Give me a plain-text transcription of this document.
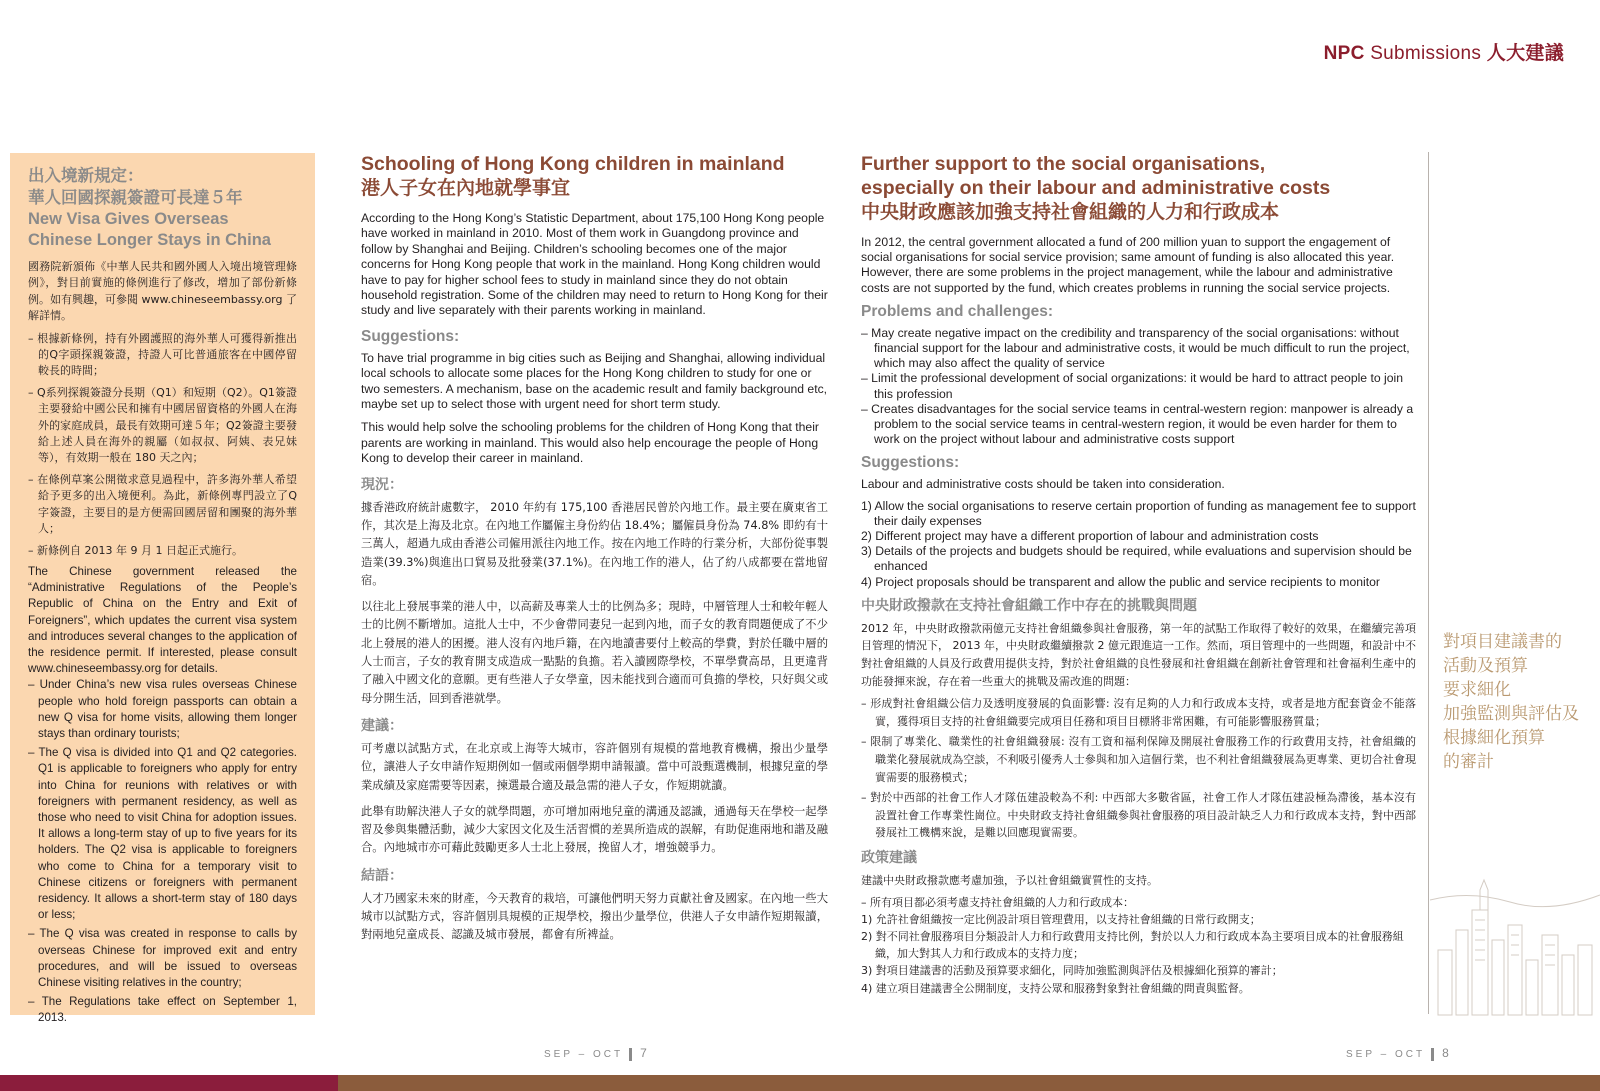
NPC Submissions 人大建議
出入境新規定：
華人回國探親簽證可長達５年
New Visa Gives Overseas
Chinese Longer Stays in China
國務院新頒佈《中華人民共和國外國人入境出境管理條例》，對目前實施的條例進行了修改，增加了部份新條例。如有興趣，可參閱 www.chineseembassy.org 了解詳情。
– 根據新條例，持有外國護照的海外華人可獲得新推出的Q字頭探親簽證，持證人可比普通旅客在中國停留較長的時間；
– Q系列探親簽證分長期（Q1）和短期（Q2）。Q1簽證主要發給中國公民和擁有中國居留資格的外國人在海外的家庭成員，最長有效期可達５年；Q2簽證主要發給上述人員在海外的親屬（如叔叔、阿姨、表兄妹等），有效期一般在 180 天之內；
– 在條例草案公開徵求意見過程中，許多海外華人希望給予更多的出入境便利。為此，新條例專門設立了Q字簽證，主要目的是方便需回國居留和團聚的海外華人；
– 新條例自 2013 年 9 月 1 日起正式施行。
The Chinese government released the “Administrative Regulations of the People’s Republic of China on the Entry and Exit of Foreigners”, which updates the current visa system and introduces several changes to the application of the residence permit. If interested, please consult www.chineseembassy.org for details.
– Under China’s new visa rules overseas Chinese people who hold foreign passports can obtain a new Q visa for home visits, allowing them longer stays than ordinary tourists;
– The Q visa is divided into Q1 and Q2 categories. Q1 is applicable to foreigners who apply for entry into China for reunions with relatives or with foreigners with permanent residency, as well as those who need to visit China for adoption issues. It allows a long-term stay of up to five years for its holders. The Q2 visa is applicable to foreigners who come to China for a temporary visit to Chinese citizens or foreigners with permanent residency. It allows a short-term stay of 180 days or less;
– The Q visa was created in response to calls by overseas Chinese for improved exit and entry procedures, and will be issued to overseas Chinese visiting relatives in the country;
– The Regulations take effect on September 1, 2013.
Schooling of Hong Kong children in mainland
港人子女在內地就學事宜

According to the Hong Kong’s Statistic Department, about 175,100 Hong Kong people have worked in mainland in 2010. Most of them work in Guangdong province and follow by Shanghai and Beijing. Children’s schooling becomes one of the major concerns for Hong Kong people that work in the mainland. Hong Kong children would have to pay for higher school fees to study in mainland since they do not obtain household registration. Some of the children may need to return to Hong Kong for their study and live separately with their parents working in mainland.

Suggestions:

To have trial programme in big cities such as Beijing and Shanghai, allowing individual local schools to allocate some places for the Hong Kong children to study for one or two semesters. A mechanism, base on the academic result and family background etc, maybe set up to select those with urgent need for short term study.

This would help solve the schooling problems for the children of Hong Kong that their parents are working in mainland. This would also help encourage the people of Hong Kong to develop their career in mainland.

現況：

據香港政府統計處數字， 2010 年約有 175,100 香港居民曾於內地工作。最主要在廣東省工作，其次是上海及北京。在內地工作屬僱主身份約佔 18.4%；屬僱員身份為 74.8% 即約有十三萬人，超過九成由香港公司僱用派往內地工作。按在內地工作時的行業分析，大部份從事製造業(39.3%)與進出口貿易及批發業(37.1%)。在內地工作的港人，佔了約八成都要在當地留宿。

以往北上發展事業的港人中，以高薪及專業人士的比例為多；現時，中層管理人士和較年輕人士的比例不斷增加。這批人士中，不少會帶同妻兒一起到內地，而子女的教育問題便成了不少北上發展的港人的困擾。港人沒有內地戶籍，在內地讀書要付上較高的學費，對於任職中層的人士而言，子女的教育開支成造成一點點的負擔。若入讀國際學校，不單學費高昂，且更違背了融入中國文化的意願。更有些港人子女學童，因未能找到合適而可負擔的學校，只好與父或母分開生活，回到香港就學。

建議：

可考慮以試點方式，在北京或上海等大城市，容許個別有規模的當地教育機構，撥出少量學位，讓港人子女申請作短期例如一個或兩個學期申請報讀。當中可設甄選機制，根據兒童的學業成績及家庭需要等因素，揀選最合適及最急需的港人子女，作短期就讀。

此舉有助解決港人子女的就學問題，亦可增加兩地兒童的溝通及認識，通過每天在學校一起學習及參與集體活動，減少大家因文化及生活習慣的差異所造成的誤解，有助促進兩地和諧及融合。內地城市亦可藉此鼓勵更多人士北上發展，挽留人才，增強競爭力。

結語：

人才乃國家未來的財產，今天教育的栽培，可讓他們明天努力貢獻社會及國家。在內地一些大城市以試點方式，容許個別具規模的正規學校，撥出少量學位，供港人子女申請作短期報讀，對兩地兒童成長、認識及城市發展，都會有所裨益。

Further support to the social organisations,
especially on their labour and administrative costs
中央財政應該加強支持社會組織的人力和行政成本

In 2012, the central government allocated a fund of 200 million yuan to support the engagement of social organisations for social service provision; same amount of funding is also allocated this year. However, there are some problems in the project management, while the labour and administrative costs are not supported by the fund, which creates problems in running the social service projects.

Problems and challenges:
– May create negative impact on the credibility and transparency of the social organisations: without financial support for the labour and administrative costs, it would be much difficult to run the project, which may also affect the quality of service
– Limit the professional development of social organizations: it would be hard to attract people to join this profession
– Creates disadvantages for the social service teams in central-western region: manpower is already a problem to the social service teams in central-western region, it would be even harder for them to work on the project without labour and administrative costs support
Suggestions:

Labour and administrative costs should be taken into consideration.

1) Allow the social organisations to reserve certain proportion of funding as management fee to support their daily expenses
2) Different project may have a different proportion of labour and administration costs
3) Details of the projects and budgets should be required, while evaluations and supervision should be enhanced
4) Project proposals should be transparent and allow the public and service recipients to monitor
中央財政撥款在支持社會組織工作中存在的挑戰與問題

2012 年，中央財政撥款兩億元支持社會組織參與社會服務，第一年的試點工作取得了較好的效果，在繼續完善項目管理的情況下， 2013 年，中央財政繼續撥款 2 億元跟進這一工作。然而，項目管理中的一些問題，和設計中不對社會組織的人員及行政費用提供支持，對於社會組織的良性發展和社會組織在創新社會管理和社會福利生產中的功能發揮來說，存在着一些重大的挑戰及需改進的問題：

– 形成對社會組織公信力及透明度發展的負面影響: 沒有足夠的人力和行政成本支持，或者是地方配套資金不能落實，獲得項目支持的社會組織要完成項目任務和項目目標將非常困難，有可能影響服務質量；
– 限制了專業化、職業性的社會組織發展: 沒有工資和福利保障及開展社會服務工作的行政費用支持，社會組織的職業化發展就成為空談，不利吸引優秀人士參與和加入這個行業，也不利社會組織發展為更專業、更切合社會現實需要的服務模式；
– 對於中西部的社會工作人才隊伍建設較為不利: 中西部大多數省區，社會工作人才隊伍建設極為滯後，基本沒有設置社會工作專業性崗位。中央財政支持社會組織參與社會服務的項目設計缺乏人力和行政成本支持，對中西部發展社工機構來說，是難以回應現實需要。
政策建議

建議中央財政撥款應考慮加強，予以社會組織實質性的支持。

– 所有項目都必須考慮支持社會組織的人力和行政成本：
1) 允許社會組織按一定比例設計項目管理費用，以支持社會組織的日常行政開支；
2) 對不同社會服務項目分類設計人力和行政費用支持比例，對於以人力和行政成本為主要項目成本的社會服務組織，加大對其人力和行政成本的支持力度；
3) 對項目建議書的活動及預算要求細化，同時加強監測與評估及根據細化預算的審計；
4) 建立項目建議書全公開制度，支持公眾和服務對象對社會組織的問責與監督。
對項目建議書的
活動及預算
要求細化
加強監測與評估及
根據細化預算
的審計
SEP – OCT 7	SEP – OCT 8
